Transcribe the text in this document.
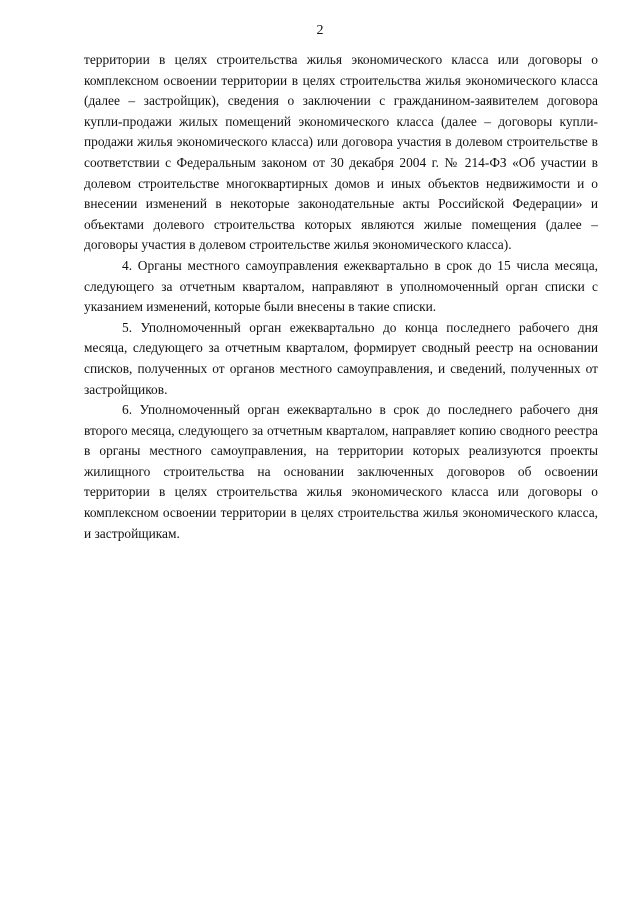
2

территории в целях строительства жилья экономического класса или договоры о комплексном освоении территории в целях строительства жилья экономического класса (далее – застройщик), сведения о заключении с гражданином-заявителем договора купли-продажи жилых помещений экономического класса (далее – договоры купли-продажи жилья экономического класса) или договора участия в долевом строительстве в соответствии с Федеральным законом от 30 декабря 2004 г. № 214-ФЗ «Об участии в долевом строительстве многоквартирных домов и иных объектов недвижимости и о внесении изменений в некоторые законодательные акты Российской Федерации» и объектами долевого строительства которых являются жилые помещения (далее – договоры участия в долевом строительстве жилья экономического класса).

4. Органы местного самоуправления ежеквартально в срок до 15 числа месяца, следующего за отчетным кварталом, направляют в уполномоченный орган списки с указанием изменений, которые были внесены в такие списки.

5. Уполномоченный орган ежеквартально до конца последнего рабочего дня месяца, следующего за отчетным кварталом, формирует сводный реестр на основании списков, полученных от органов местного самоуправления, и сведений, полученных от застройщиков.

6. Уполномоченный орган ежеквартально в срок до последнего рабочего дня второго месяца, следующего за отчетным кварталом, направляет копию сводного реестра в органы местного самоуправления, на территории которых реализуются проекты жилищного строительства на основании заключенных договоров об освоении территории в целях строительства жилья экономического класса или договоры о комплексном освоении территории в целях строительства жилья экономического класса, и застройщикам.
